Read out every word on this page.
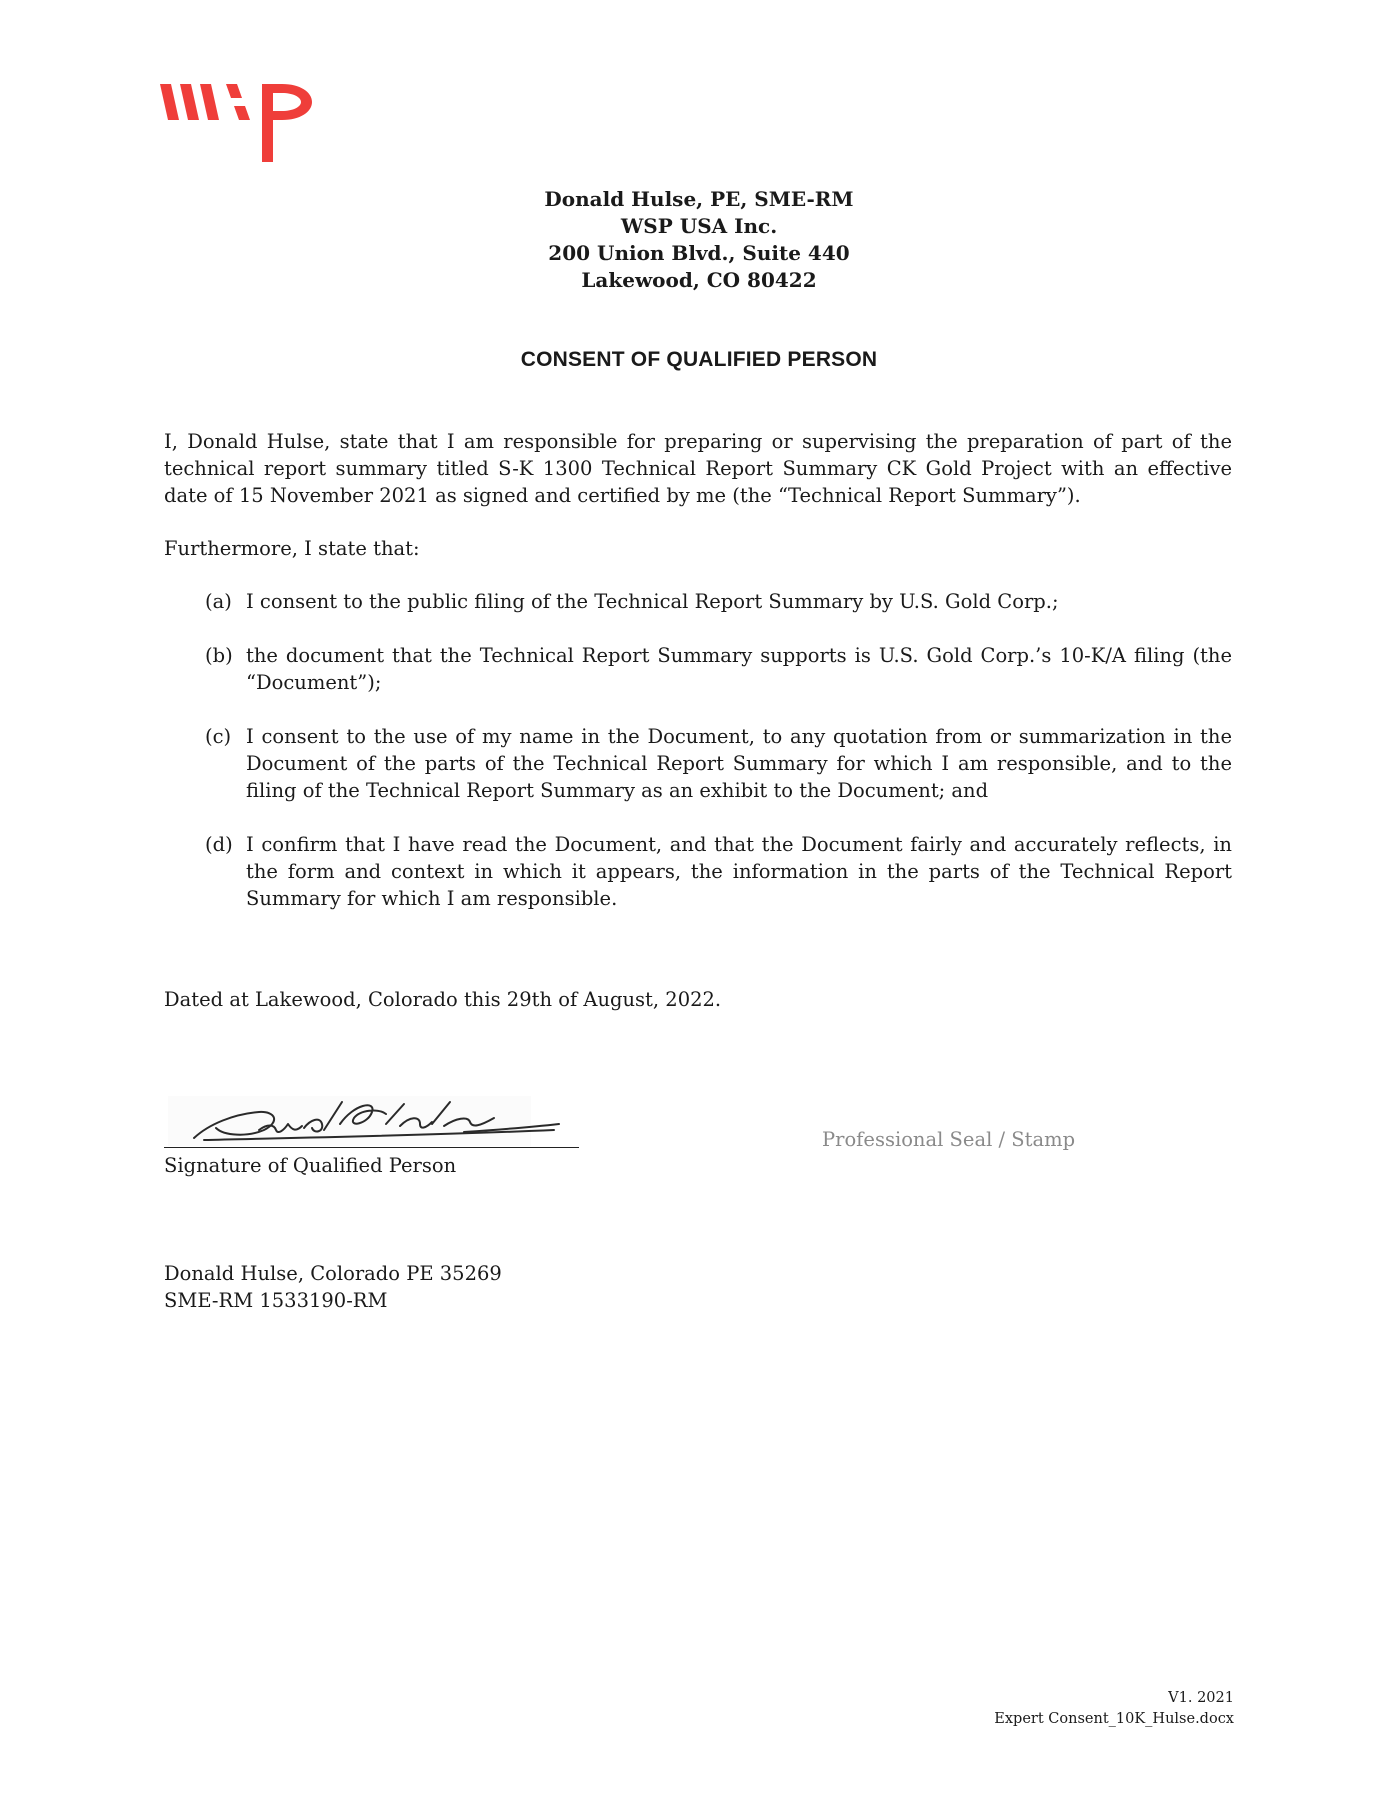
Donald Hulse, PE, SME-RM
WSP USA Inc.
200 Union Blvd., Suite 440
Lakewood, CO 80422
CONSENT OF QUALIFIED PERSON

I, Donald Hulse, state that I am responsible for preparing or supervising the preparation of part of the technical report summary titled S-K 1300 Technical Report Summary CK Gold Project with an effective date of 15 November 2021 as signed and certified by me (the “Technical Report Summary”).

Furthermore, I state that:

(a) I consent to the public filing of the Technical Report Summary by U.S. Gold Corp.;
(b) the document that the Technical Report Summary supports is U.S. Gold Corp.’s 10-K/A filing (the “Document”);
(c) I consent to the use of my name in the Document, to any quotation from or summarization in the Document of the parts of the Technical Report Summary for which I am responsible, and to the filing of the Technical Report Summary as an exhibit to the Document; and
(d) I confirm that I have read the Document, and that the Document fairly and accurately reflects, in the form and context in which it appears, the information in the parts of the Technical Report Summary for which I am responsible.
Dated at Lakewood, Colorado this 29th of August, 2022.
Signature of Qualified Person
Professional Seal / Stamp
Donald Hulse, Colorado PE 35269
SME-RM 1533190-RM
V1. 2021
Expert Consent_10K_Hulse.docx
